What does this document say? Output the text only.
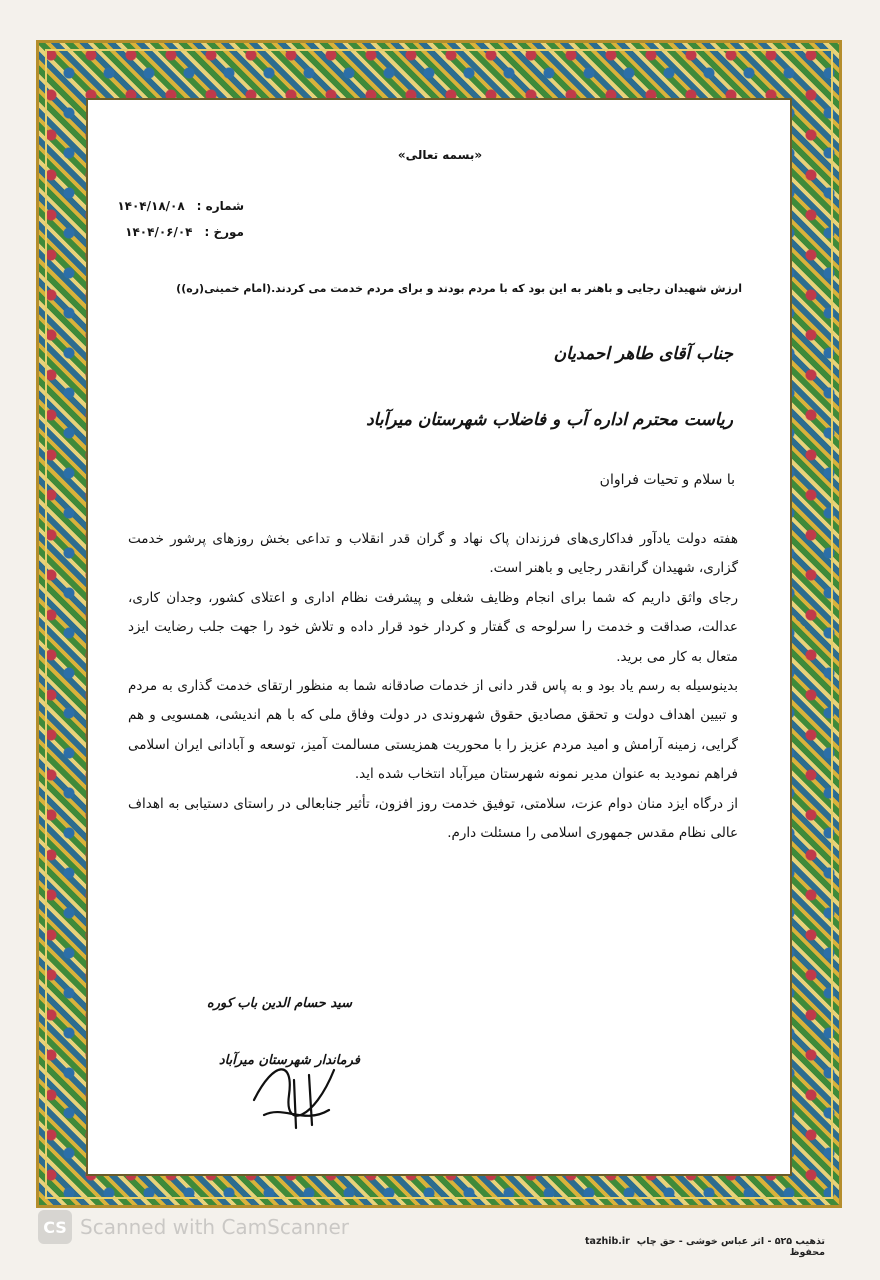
«بسمه تعالی»
شماره :
۱۴۰۴/۱۸/۰۸
مورخ :
۱۴۰۴/۰۶/۰۴
ارزش شهیدان رجایی و باهنر به این بود که با مردم بودند و برای مردم خدمت می کردند.(امام خمینی(ره))
جناب آقای طاهر احمدیان
ریاست محترم اداره آب و فاضلاب شهرستان میرآباد
با سلام و تحیات فراوان

هفته دولت یادآور فداکاری‌های فرزندان پاک نهاد و گران قدر انقلاب و تداعی بخش روزهای پرشور خدمت گزاری، شهیدان گرانقدر رجایی و باهنر است.

رجای واثق داریم که شما برای انجام وظایف شغلی و پیشرفت نظام اداری و اعتلای کشور، وجدان کاری، عدالت، صداقت و خدمت را سرلوحه ی گفتار و کردار خود قرار داده و تلاش خود را جهت جلب رضایت ایزد متعال به کار می برید.

بدینوسیله به رسم یاد بود و به پاس قدر دانی از خدمات صادقانه شما به منظور ارتقای خدمت گذاری به مردم و تبیین اهداف دولت و تحقق مصادیق حقوق شهروندی در دولت وفاق ملی که با هم اندیشی، همسویی و هم گرایی، زمینه آرامش و امید مردم عزیز را با محوریت همزیستی مسالمت آمیز، توسعه و آبادانی ایران اسلامی فراهم نمودید به عنوان مدیر نمونه شهرستان میرآباد انتخاب شده اید.

از درگاه ایزد منان دوام عزت، سلامتی، توفیق خدمت روز افزون، تأثیر جنابعالی در راستای دستیابی به اهداف عالی نظام مقدس جمهوری اسلامی را مسئلت دارم.

سید حسام الدین باب کوره
فرماندار شهرستان میرآباد
CS Scanned with CamScanner
tazhib.ir تذهیب ۵۲۵ - اثر عباس خوشی - حق چاپ محفوظ
